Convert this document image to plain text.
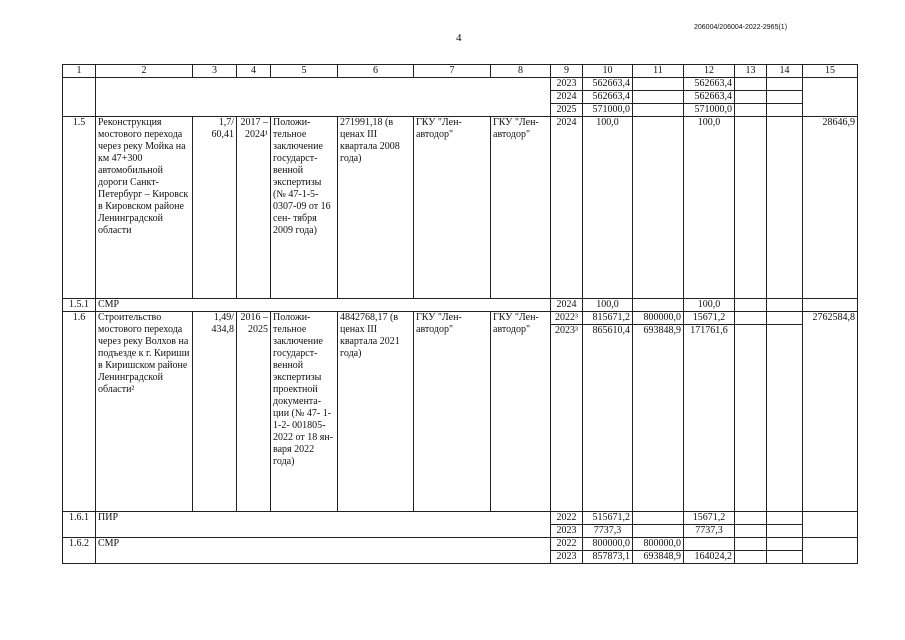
4
206004/206004-2022-2965(1)
1	2	3	4	5	6	7	8	9	10	11	12	13	14	15
								2023	562663,4		562663,4			
								2024	562663,4		562663,4			
								2025	571000,0		571000,0			
1.5	Реконструкция мостового перехода через реку Мойка на км 47+300 автомобильной дороги Санкт- Петербург – Кировск в Кировском районе Ленинградской области	1,7/ 60,41	2017 – 2024¹	Положи- тельное заключение государст- венной экспертизы (№ 47-1-5- 0307-09 от 16 сен- тября 2009 года)	271991,18 (в ценах III квартала 2008 года)	ГКУ "Лен- автодор"	ГКУ "Лен- автодор"	2024	100,0		100,0			28646,9
1.5.1	СМР							2024	100,0		100,0			
1.6	Строительство мостового перехода через реку Волхов на подъезде к г. Кириши в Киришском районе Ленинградской области²	1,49/ 434,8	2016 – 2025	Положи- тельное заключение государст- венной экспертизы проектной документа- ции (№ 47- 1-1-2- 001805- 2022 от 18 ян- варя 2022 года)	4842768,17 (в ценах III квартала 2021 года)	ГКУ "Лен- автодор"	ГКУ "Лен- автодор"	2022³	815671,2	800000,0	15671,2			2762584,8
								2023³	865610,4	693848,9	171761,6			
1.6.1	ПИР							2022	515671,2		15671,2			
								2023	7737,3		7737,3			
1.6.2	СМР							2022	800000,0	800000,0				
								2023	857873,1	693848,9	164024,2			
